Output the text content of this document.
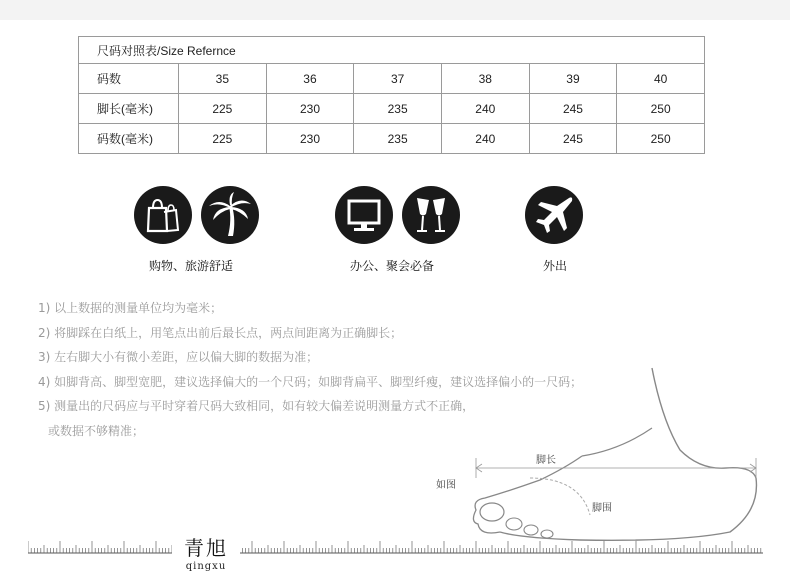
尺码对照表/Size Refernce						
码数	35	36	37	38	39	40
脚长(毫米)	225	230	235	240	245	250
码数(毫米)	225	230	235	240	245	250
购物、旅游舒适	办公、聚会必备	外出
1) 以上数据的测量单位均为毫米；
2) 将脚踩在白纸上，用笔点出前后最长点，两点间距离为正确脚长；
3) 左右脚大小有微小差距，应以偏大脚的数据为准；
4) 如脚背高、脚型宽肥，建议选择偏大的一个尺码；如脚背扁平、脚型纤瘦，建议选择偏小的一尺码；
5) 测量出的尺码应与平时穿着尺码大致相同，如有较大偏差说明测量方式不正确，
或数据不够精准；
脚长
如图
脚围
青旭
qingxu
